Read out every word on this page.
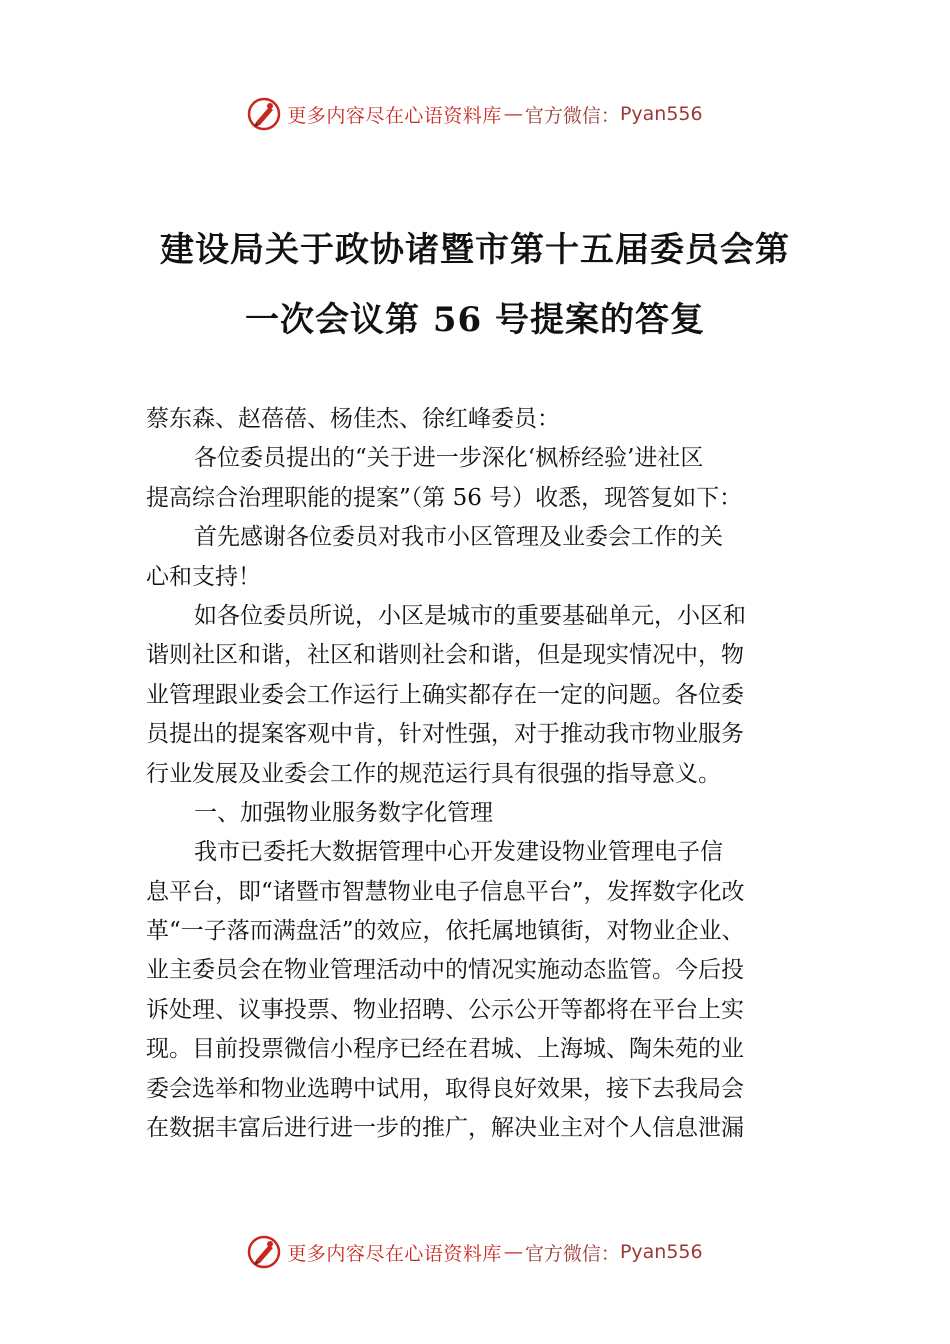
更多内容尽在心语资料库 — 官方微信： Pyan556
建设局关于政协诸暨市第十五届委员会第
一次会议第 56 号提案的答复
蔡东森、赵蓓蓓、杨佳杰、徐红峰委员：
各位委员提出的“关于进一步深化‘枫桥经验’进社区
提高综合治理职能的提案”（第 56 号）收悉，现答复如下：
首先感谢各位委员对我市小区管理及业委会工作的关
心和支持！
如各位委员所说，小区是城市的重要基础单元，小区和
谐则社区和谐，社区和谐则社会和谐，但是现实情况中，物
业管理跟业委会工作运行上确实都存在一定的问题。各位委
员提出的提案客观中肯，针对性强，对于推动我市物业服务
行业发展及业委会工作的规范运行具有很强的指导意义。
一、加强物业服务数字化管理
我市已委托大数据管理中心开发建设物业管理电子信
息平台，即“诸暨市智慧物业电子信息平台”，发挥数字化改
革“一子落而满盘活”的效应，依托属地镇街，对物业企业、
业主委员会在物业管理活动中的情况实施动态监管。今后投
诉处理、议事投票、物业招聘、公示公开等都将在平台上实
现。目前投票微信小程序已经在君城、上海城、陶朱苑的业
委会选举和物业选聘中试用，取得良好效果，接下去我局会
在数据丰富后进行进一步的推广，解决业主对个人信息泄漏
更多内容尽在心语资料库 — 官方微信： Pyan556
